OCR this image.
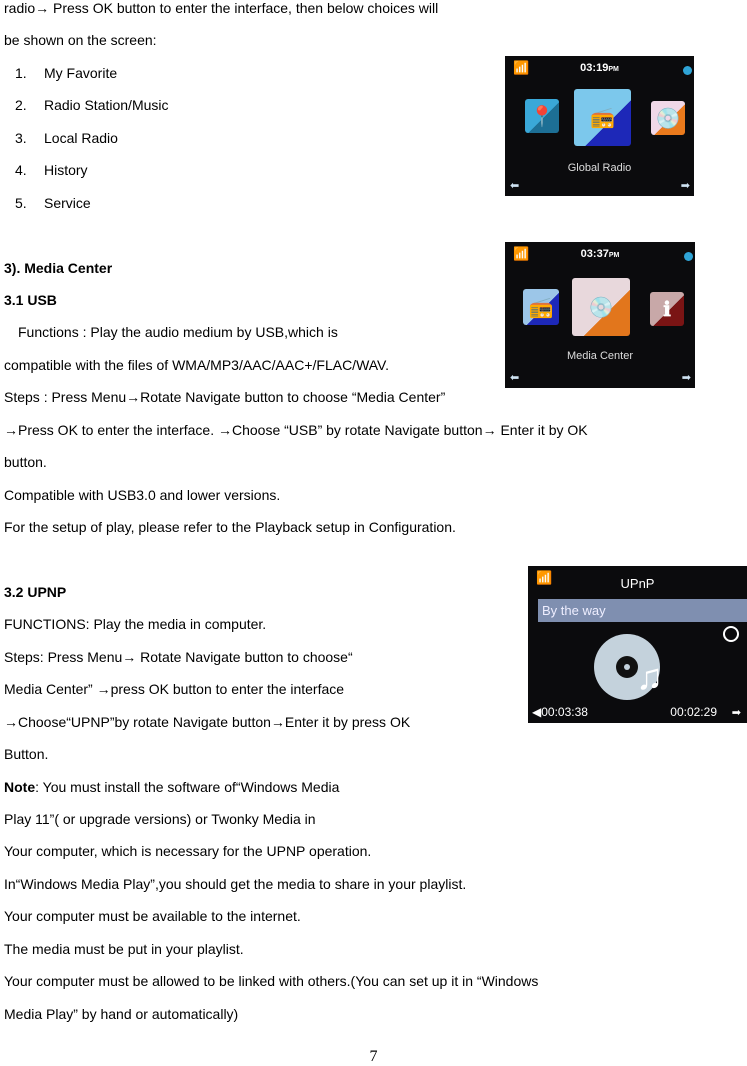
radio→ Press OK button to enter the interface, then below choices will
be shown on the screen:
1. My Favorite
2. Radio Station/Music
3. Local Radio
4. History
5. Service
3). Media Center
3.1 USB
Functions : Play the audio medium by USB,which is
compatible with the files of WMA/MP3/AAC/AAC+/FLAC/WAV.
Steps : Press Menu→Rotate Navigate button to choose “Media Center”
→Press OK to enter the interface. →Choose “USB” by rotate Navigate button→ Enter it by OK
button.
Compatible with USB3.0 and lower versions.
For the setup of play, please refer to the Playback setup in Configuration.
3.2 UPNP
FUNCTIONS: Play the media in computer.
Steps: Press Menu→ Rotate Navigate button to choose“
Media Center” →press OK button to enter the interface
→Choose“UPNP”by rotate Navigate button→Enter it by press OK
Button.
Note: You must install the software of“Windows Media
Play 11”( or upgrade versions) or Twonky Media in
Your computer, which is necessary for the UPNP operation.
In“Windows Media Play”,you should get the media to share in your playlist.
Your computer must be available to the internet.
The media must be put in your playlist.
Your computer must be allowed to be linked with others.(You can set up it in “Windows
Media Play” by hand or automatically)
📶	03:19PM
📍	📻	💿
Global Radio
⬅	➡
📶	03:37PM
📻	💿	ℹ
Media Center
⬅	➡
📶	UPnP
By the way
♫
◀00:03:38	00:02:29 ➡
7
